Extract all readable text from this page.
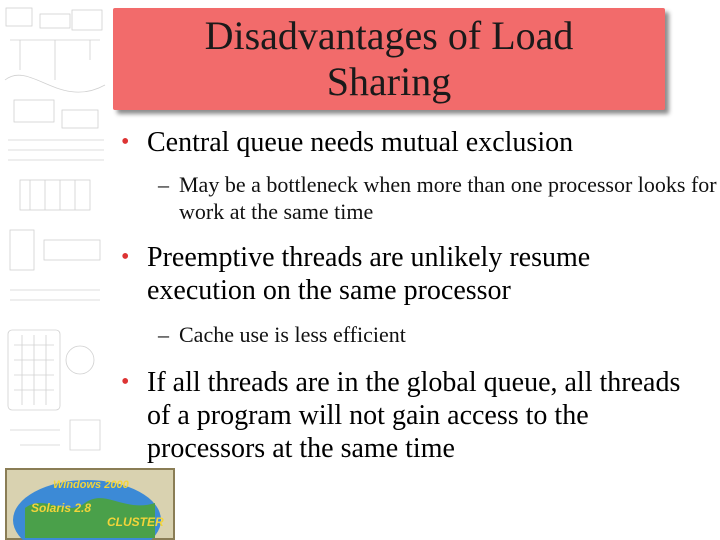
Disadvantages of Load Sharing
• Central queue needs mutual exclusion
– May be a bottleneck when more than one processor looks for work at the same time
• Preemptive threads are unlikely resume execution on the same processor
– Cache use is less efficient
• If all threads are in the global queue, all threads of a program will not gain access to the processors at the same time
Windows 2000
Solaris 2.8
CLUSTER
